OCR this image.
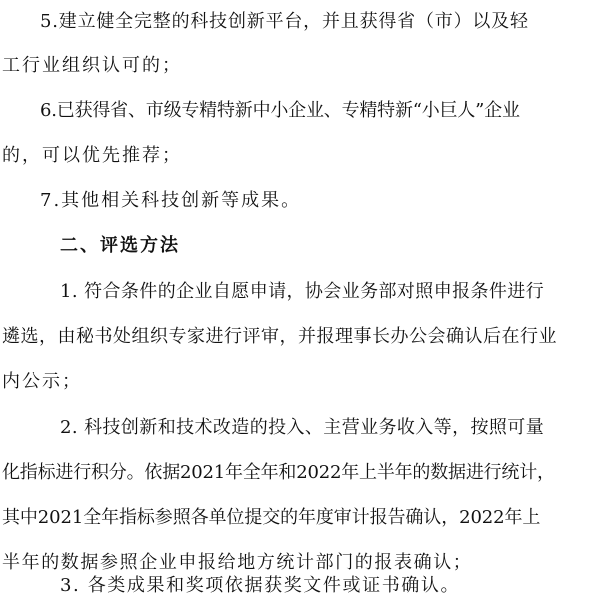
5.建立健全完整的科技创新平台，并且获得省（市）以及轻
工行业组织认可的；
6.已获得省、市级专精特新中小企业、专精特新“小巨人”企业
的，可以优先推荐；
7.其他相关科技创新等成果。
二、评选方法
1. 符合条件的企业自愿申请，协会业务部对照申报条件进行
遴选，由秘书处组织专家进行评审，并报理事长办公会确认后在行业
内公示；
2. 科技创新和技术改造的投入、主营业务收入等，按照可量
化指标进行积分。依据2021年全年和2022年上半年的数据进行统计，
其中2021全年指标参照各单位提交的年度审计报告确认，2022年上
半年的数据参照企业申报给地方统计部门的报表确认；
3. 各类成果和奖项依据获奖文件或证书确认。
